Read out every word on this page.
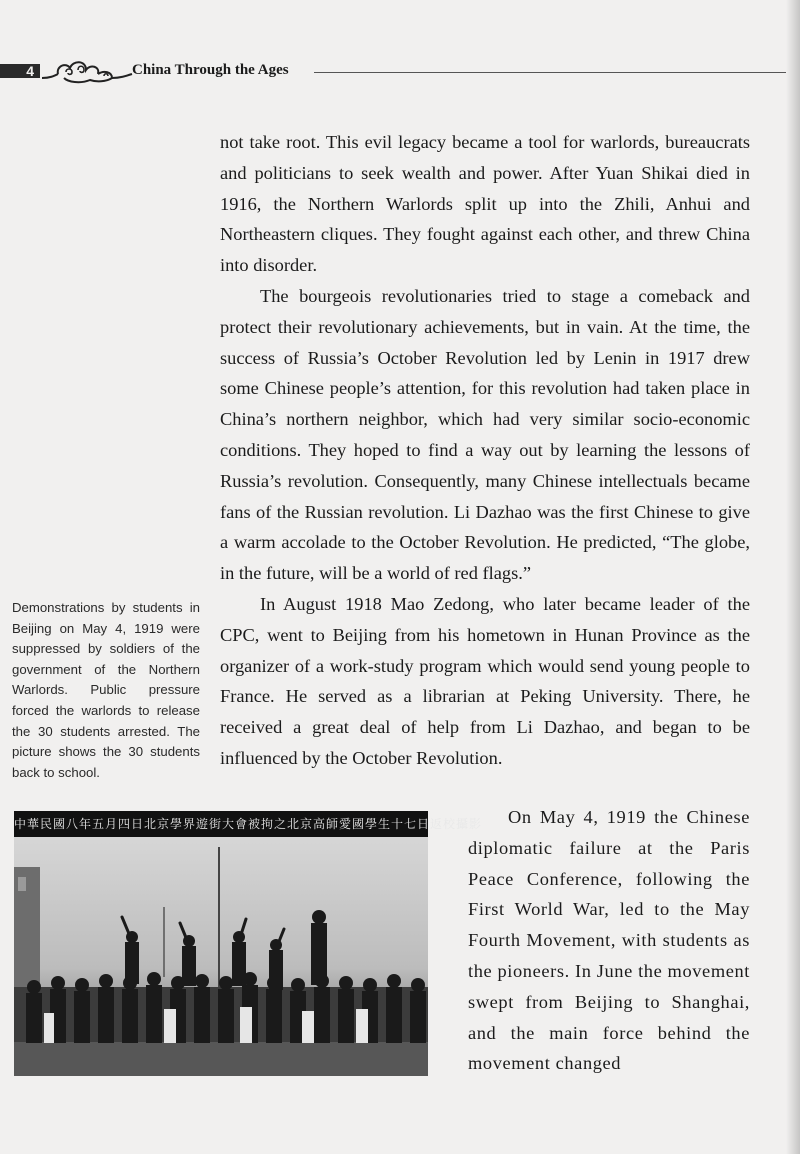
4	China Through the Ages

not take root. This evil legacy became a tool for warlords, bureaucrats and politicians to seek wealth and power. After Yuan Shikai died in 1916, the Northern Warlords split up into the Zhili, Anhui and Northeastern cliques. They fought against each other, and threw China into disorder.

The bourgeois revolutionaries tried to stage a comeback and protect their revolutionary achievements, but in vain. At the time, the success of Russia’s October Revolution led by Lenin in 1917 drew some Chinese people’s attention, for this revolution had taken place in China’s northern neighbor, which had very similar socio-economic conditions. They hoped to find a way out by learning the lessons of Russia’s revolution. Consequently, many Chinese intellectuals became fans of the Russian revolution. Li Dazhao was the first Chinese to give a warm accolade to the October Revolution. He predicted, “The globe, in the future, will be a world of red flags.”

In August 1918 Mao Zedong, who later became leader of the CPC, went to Beijing from his hometown in Hunan Province as the organizer of a work-study program which would send young people to France. He served as a librarian at Peking University. There, he received a great deal of help from Li Dazhao, and began to be influenced by the October Revolution.

Demonstrations by students in Beijing on May 4, 1919 were suppressed by soldiers of the government of the Northern Warlords. Public pressure forced the warlords to release the 30 students arrested. The picture shows the 30 students back to school.
中華民國八年五月四日北京學界遊街大會被拘之北京高師愛國學生十七日返校攝影	On May 4, 1919 the Chinese diplomatic failure at the Paris Peace Conference, following the First World War, led to the May Fourth Movement, with students as the pioneers. In June the movement swept from Beijing to Shanghai, and the main force behind the movement changed
